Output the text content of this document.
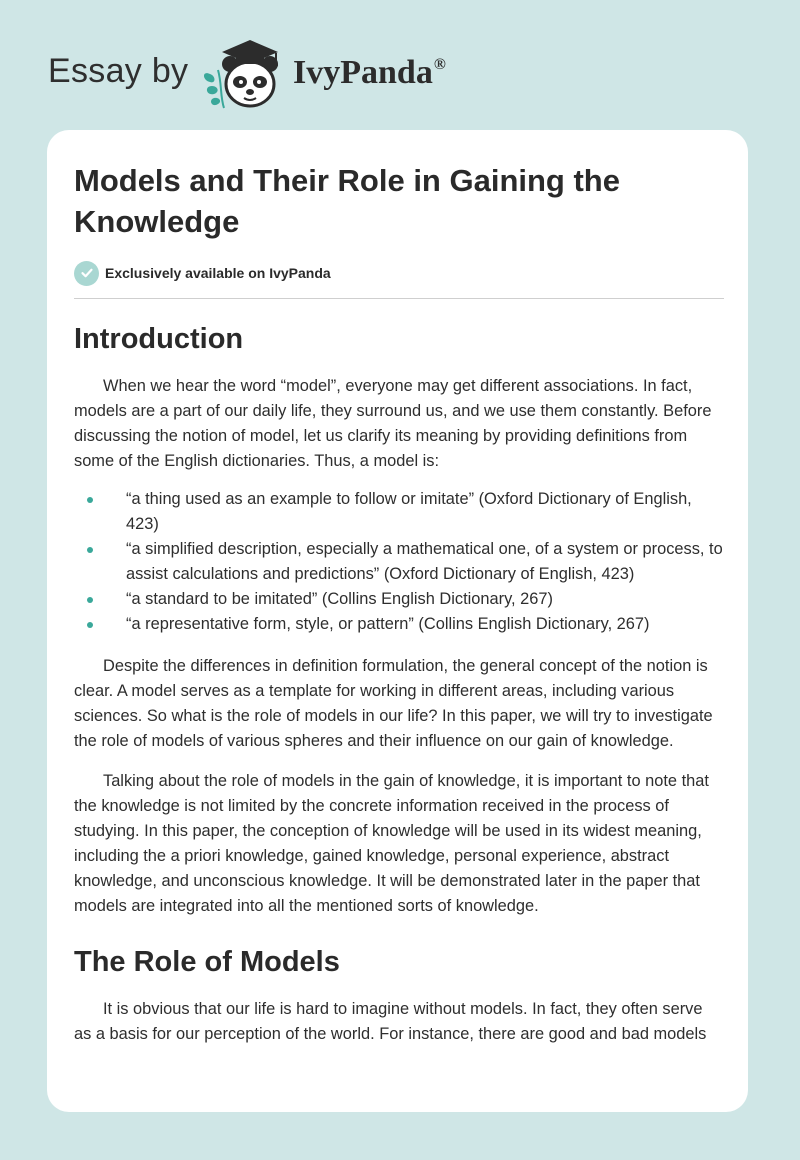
Essay by	IvyPanda®
Models and Their Role in Gaining the Knowledge
Exclusively available on IvyPanda
Introduction

When we hear the word “model”, everyone may get different associations. In fact, models are a part of our daily life, they surround us, and we use them constantly. Before discussing the notion of model, let us clarify its meaning by providing definitions from some of the English dictionaries. Thus, a model is:

“a thing used as an example to follow or imitate” (Oxford Dictionary of English, 423)
“a simplified description, especially a mathematical one, of a system or process, to assist calculations and predictions” (Oxford Dictionary of English, 423)
“a standard to be imitated” (Collins English Dictionary, 267)
“a representative form, style, or pattern” (Collins English Dictionary, 267)

Despite the differences in definition formulation, the general concept of the notion is clear. A model serves as a template for working in different areas, including various sciences. So what is the role of models in our life? In this paper, we will try to investigate the role of models of various spheres and their influence on our gain of knowledge.

Talking about the role of models in the gain of knowledge, it is important to note that the knowledge is not limited by the concrete information received in the process of studying. In this paper, the conception of knowledge will be used in its widest meaning, including the a priori knowledge, gained knowledge, personal experience, abstract knowledge, and unconscious knowledge. It will be demonstrated later in the paper that models are integrated into all the mentioned sorts of knowledge.

The Role of Models

It is obvious that our life is hard to imagine without models. In fact, they often serve as a basis for our perception of the world. For instance, there are good and bad models
